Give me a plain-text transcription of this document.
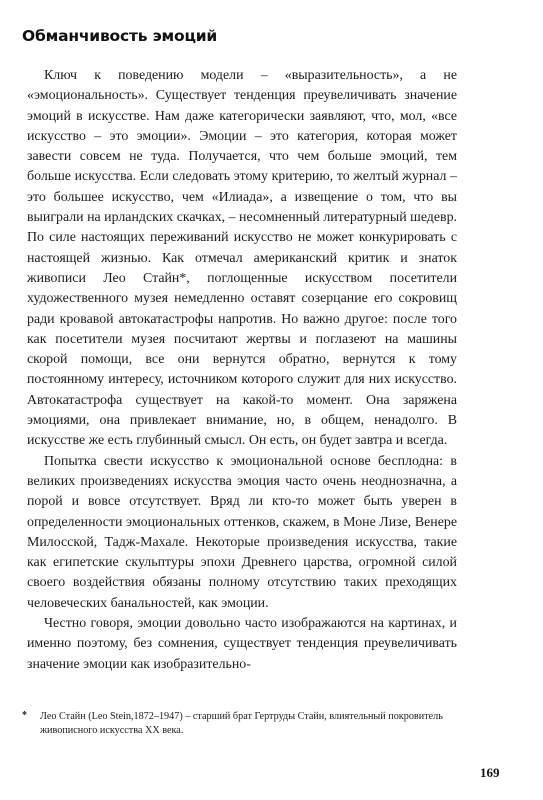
Обманчивость эмоций

Ключ к поведению модели – «выразительность», а не «эмоциональность». Существует тенденция преувеличивать значение эмоций в искусстве. Нам даже категорически заявляют, что, мол, «все искусство – это эмоции». Эмоции – это категория, которая может завести совсем не туда. Получается, что чем больше эмоций, тем больше искусства. Если следовать этому критерию, то желтый журнал – это большее искусство, чем «Илиада», а извещение о том, что вы выиграли на ирландских скачках, – несомненный литературный шедевр. По силе настоящих переживаний искусство не может конкурировать с настоящей жизнью. Как отмечал американский критик и знаток живописи Лео Стайн*, поглощенные искусством посетители художественного музея немедленно оставят созерцание его сокровищ ради кровавой автокатастрофы напротив. Но важно другое: после того как посетители музея посчитают жертвы и поглазеют на машины скорой помощи, все они вернутся обратно, вернутся к тому постоянному интересу, источником которого служит для них искусство. Автокатастрофа существует на какой-то момент. Она заряжена эмоциями, она привлекает внимание, но, в общем, ненадолго. В искусстве же есть глубинный смысл. Он есть, он будет завтра и всегда.

Попытка свести искусство к эмоциональной основе бесплодна: в великих произведениях искусства эмоция часто очень неоднозначна, а порой и вовсе отсутствует. Вряд ли кто-то может быть уверен в определенности эмоциональных оттенков, скажем, в Моне Лизе, Венере Милосской, Тадж-Махале. Некоторые произведения искусства, такие как египетские скульптуры эпохи Древнего царства, огромной силой своего воздействия обязаны полному отсутствию таких преходящих человеческих банальностей, как эмоции.

Честно говоря, эмоции довольно часто изображаются на картинах, и именно поэтому, без сомнения, существует тенденция преувеличивать значение эмоции как изобразительно-

* Лео Стайн (Leo Stein,1872–1947) – старший брат Гертруды Стайн, влиятельный покровитель живописного искусства XX века.
169
